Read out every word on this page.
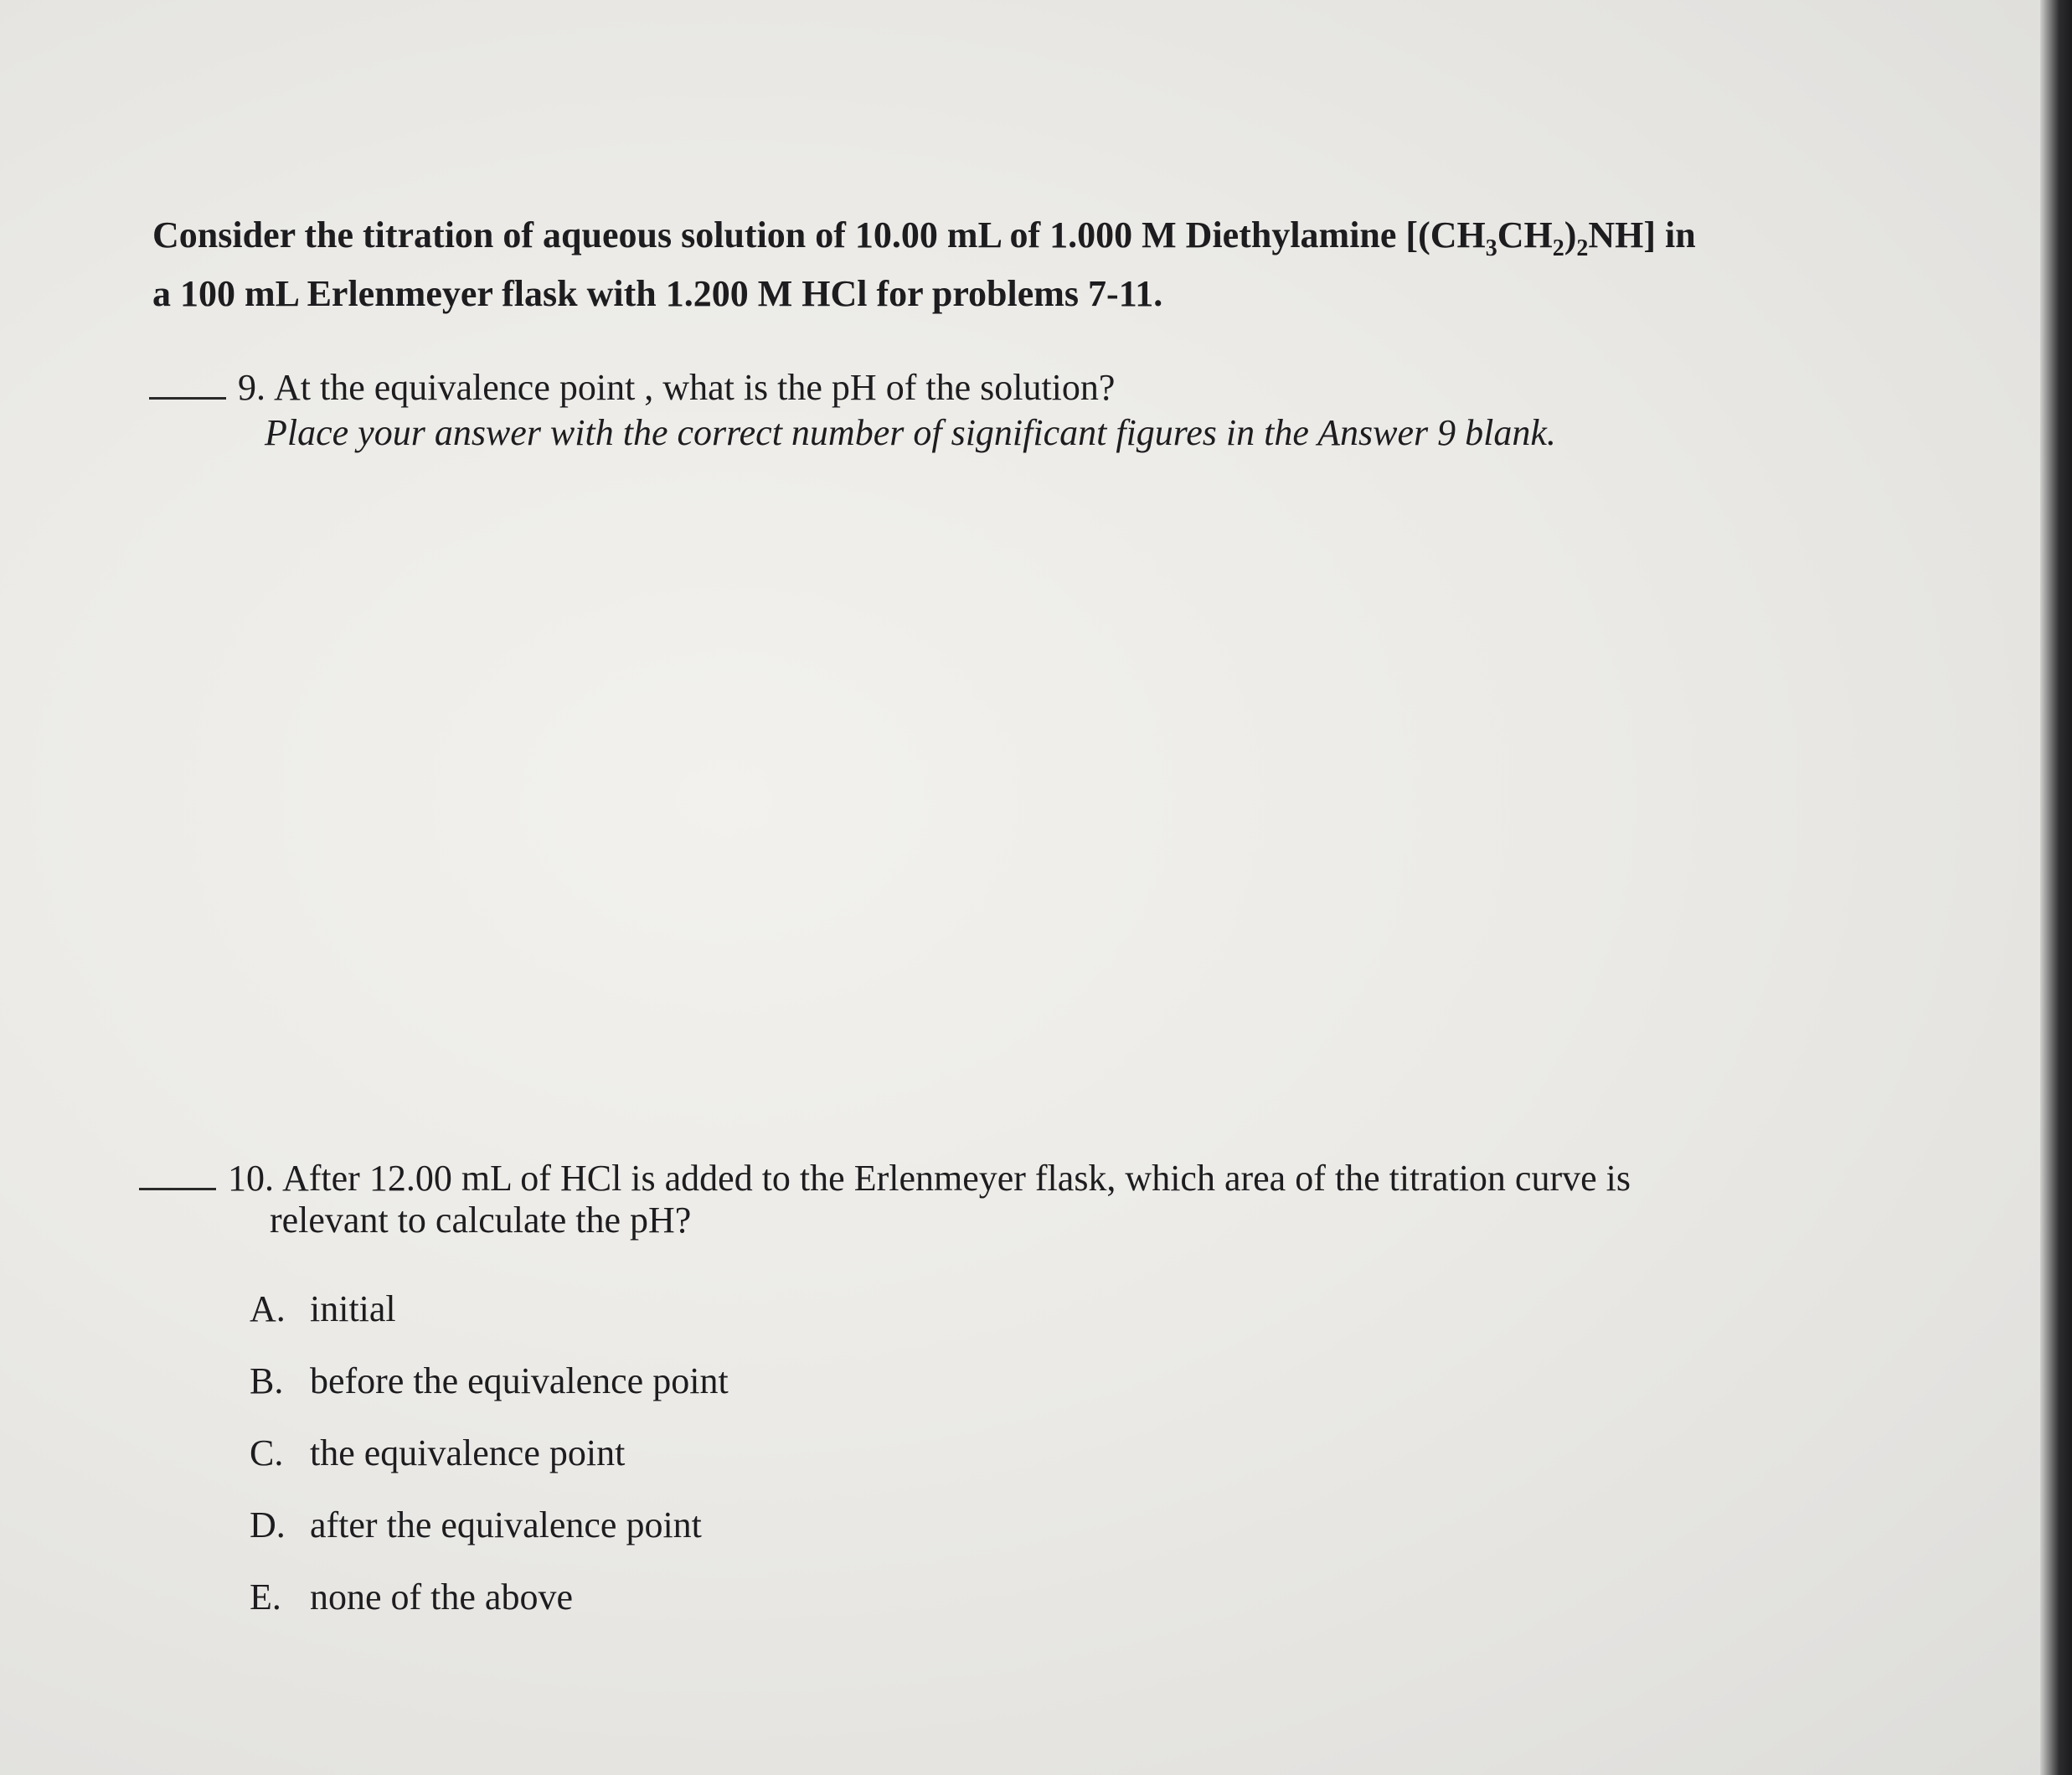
Consider the titration of aqueous solution of 10.00 mL of 1.000 M Diethylamine $[(CH_3CH_2)_2NH]$ in
a 100 mL Erlenmeyer flask with 1.200 M HCl for problems 7-11.

9. At the equivalence point , what is the pH of the solution?

Place your answer with the correct number of significant figures in the Answer 9 blank.

10. After 12.00 mL of HCl is added to the Erlenmeyer flask, which area of the titration curve is

relevant to calculate the pH?

A. initial
B. before the equivalence point
C. the equivalence point
D. after the equivalence point
E. none of the above
